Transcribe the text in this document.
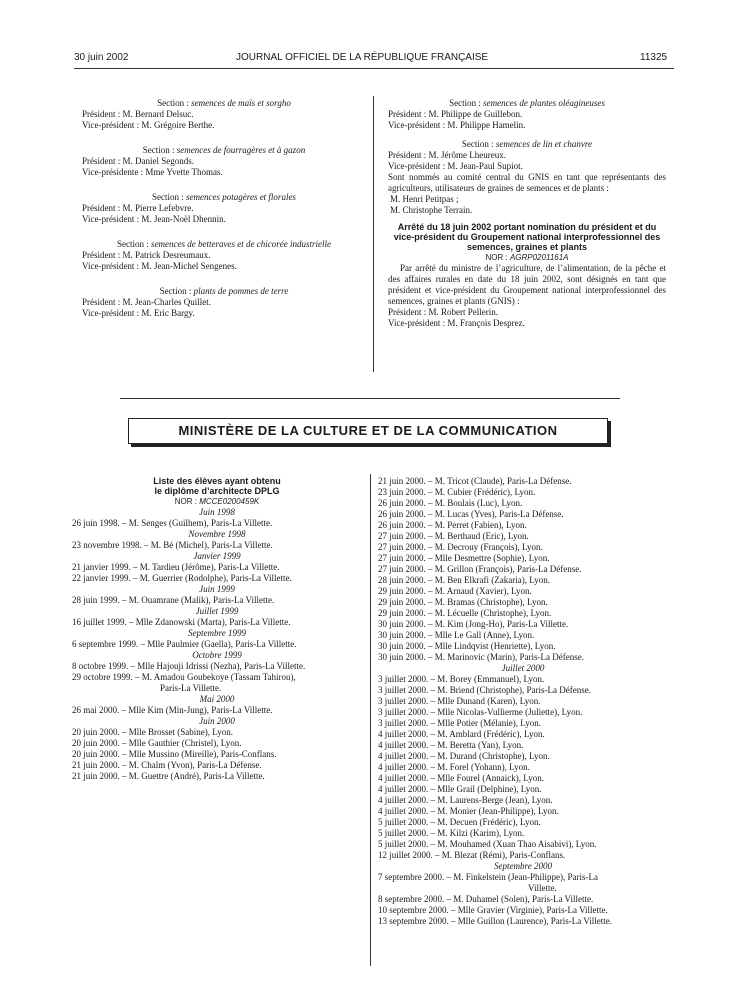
30 juin 2002	JOURNAL OFFICIEL DE LA RÉPUBLIQUE FRANÇAISE	11325

Section : semences de maïs et sorgho

Président : M. Bernard Delsuc.

Vice-président : M. Grégoire Berthe.

Section : semences de fourragères et à gazon

Président : M. Daniel Segonds.

Vice-présidente : Mme Yvette Thomas.

Section : semences potagères et florales

Président : M. Pierre Lefebvre.

Vice-président : M. Jean-Noël Dhennin.

Section : semences de betteraves et de chicorée industrielle

Président : M. Patrick Desreumaux.

Vice-président : M. Jean-Michel Sengenes.

Section : plants de pommes de terre

Président : M. Jean-Charles Quillet.

Vice-président : M. Eric Bargy.

Section : semences de plantes oléagineuses

Président : M. Philippe de Guillebon.

Vice-président : M. Philippe Hamelin.

Section : semences de lin et chanvre

Président : M. Jérôme Lheureux.

Vice-président : M. Jean-Paul Supiot.

Sont nommés au comité central du GNIS en tant que représentants des agriculteurs, utilisateurs de graines de semences et de plants :

M. Henri Petitpas ;

M. Christophe Terrain.

Arrêté du 18 juin 2002 portant nomination du président et du vice-président du Groupement national interprofessionnel des semences, graines et plants

NOR : AGRP0201161A

Par arrêté du ministre de l’agriculture, de l’alimentation, de la pêche et des affaires rurales en date du 18 juin 2002, sont désignés en tant que président et vice-président du Groupement national interprofessionnel des semences, graines et plants (GNIS) :

Président : M. Robert Pellerin.

Vice-président : M. François Desprez.

MINISTÈRE DE LA CULTURE ET DE LA COMMUNICATION

Liste des élèves ayant obtenu

le diplôme d’architecte DPLG

NOR : MCCE0200459K

Juin 1998

26 juin 1998. – M. Senges (Guilhem), Paris-La Villette.

Novembre 1998

23 novembre 1998. – M. Bé (Michel), Paris-La Villette.

Janvier 1999

21 janvier 1999. – M. Tardieu (Jérôme), Paris-La Villette.

22 janvier 1999. – M. Guerrier (Rodolphe), Paris-La Villette.

Juin 1999

28 juin 1999. – M. Ouamrane (Malik), Paris-La Villette.

Juillet 1999

16 juillet 1999. – Mlle Zdanowski (Marta), Paris-La Villette.

Septembre 1999

6 septembre 1999. – Mlle Paulmier (Gaella), Paris-La Villette.

Octobre 1999

8 octobre 1999. – Mlle Hajouji Idrissi (Nezha), Paris-La Villette.

29 octobre 1999. – M. Amadou Goubekoye (Tassam Tahirou),

Paris-La Villette.

Mai 2000

26 mai 2000. – Mlle Kim (Min-Jung), Paris-La Villette.

Juin 2000

20 juin 2000. – Mlle Brosset (Sabine), Lyon.

20 juin 2000. – Mlle Gauthier (Christel), Lyon.

20 juin 2000. – Mlle Mussino (Mireille), Paris-Conflans.

21 juin 2000. – M. Chalm (Yvon), Paris-La Défense.

21 juin 2000. – M. Guettre (André), Paris-La Villette.

21 juin 2000. – M. Tricot (Claude), Paris-La Défense.

23 juin 2000. – M. Cubier (Frédéric), Lyon.

26 juin 2000. – M. Boulais (Luc), Lyon.

26 juin 2000. – M. Lucas (Yves), Paris-La Défense.

26 juin 2000. – M. Perret (Fabien), Lyon.

27 juin 2000. – M. Berthaud (Eric), Lyon.

27 juin 2000. – M. Decrouy (François), Lyon.

27 juin 2000. – Mlle Desmettre (Sophie), Lyon.

27 juin 2000. – M. Grillon (François), Paris-La Défense.

28 juin 2000. – M. Ben Elkrafi (Zakaria), Lyon.

29 juin 2000. – M. Arnaud (Xavier), Lyon.

29 juin 2000. – M. Bramas (Christophe), Lyon.

29 juin 2000. – M. Lécuelle (Christophe), Lyon.

30 juin 2000. – M. Kim (Jong-Ho), Paris-La Villette.

30 juin 2000. – Mlle Le Gall (Anne), Lyon.

30 juin 2000. – Mlle Lindqvist (Henriette), Lyon.

30 juin 2000. – M. Marinovic (Marin), Paris-La Défense.

Juillet 2000

3 juillet 2000. – M. Borey (Emmanuel), Lyon.

3 juillet 2000. – M. Briend (Christophe), Paris-La Défense.

3 juillet 2000. – Mlle Dunand (Karen), Lyon.

3 juillet 2000. – Mlle Nicolas-Vullierme (Juliette), Lyon.

3 juillet 2000. – Mlle Potier (Mélanie), Lyon.

4 juillet 2000. – M. Amblard (Frédéric), Lyon.

4 juillet 2000. – M. Beretta (Yan), Lyon.

4 juillet 2000. – M. Durand (Christophe), Lyon.

4 juillet 2000. – M. Forel (Yohann), Lyon.

4 juillet 2000. – Mlle Fourel (Annaick), Lyon.

4 juillet 2000. – Mlle Grail (Delphine), Lyon.

4 juillet 2000. – M. Laurens-Berge (Jean), Lyon.

4 juillet 2000. – M. Monier (Jean-Philippe), Lyon.

5 juillet 2000. – M. Decuen (Frédéric), Lyon.

5 juillet 2000. – M. Kilzi (Karim), Lyon.

5 juillet 2000. – M. Mouhamed (Xuan Thao Aisabivi), Lyon.

12 juillet 2000. – M. Blezat (Rémi), Paris-Conflans.

Septembre 2000

7 septembre 2000. – M. Finkelstein (Jean-Philippe), Paris-La

Villette.

8 septembre 2000. – M. Duhamel (Solen), Paris-La Villette.

10 septembre 2000. – Mlle Gravier (Virginie), Paris-La Villette.

13 septembre 2000. – Mlle Guillon (Laurence), Paris-La Villette.
